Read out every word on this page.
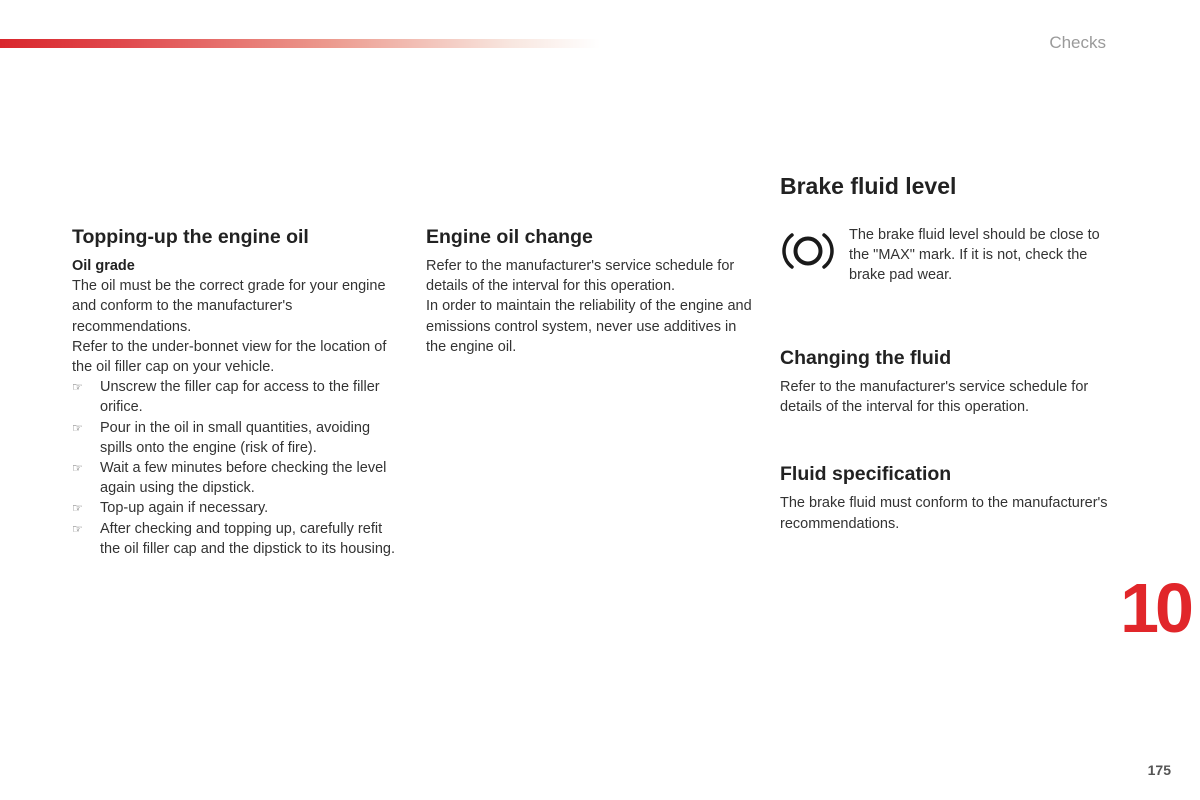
Checks
Topping-up the engine oil

Oil grade

The oil must be the correct grade for your engine and conform to the manufacturer's recommendations.

Refer to the under-bonnet view for the location of the oil filler cap on your vehicle.

☞ Unscrew the filler cap for access to the filler orifice.
☞ Pour in the oil in small quantities, avoiding spills onto the engine (risk of fire).
☞ Wait a few minutes before checking the level again using the dipstick.
☞ Top-up again if necessary.
☞ After checking and topping up, carefully refit the oil filler cap and the dipstick to its housing.
Engine oil change

Refer to the manufacturer's service schedule for details of the interval for this operation.

In order to maintain the reliability of the engine and emissions control system, never use additives in the engine oil.

Brake fluid level

The brake fluid level should be close to the "MAX" mark. If it is not, check the brake pad wear.

Changing the fluid

Refer to the manufacturer's service schedule for details of the interval for this operation.

Fluid specification

The brake fluid must conform to the manufacturer's recommendations.

10
175
